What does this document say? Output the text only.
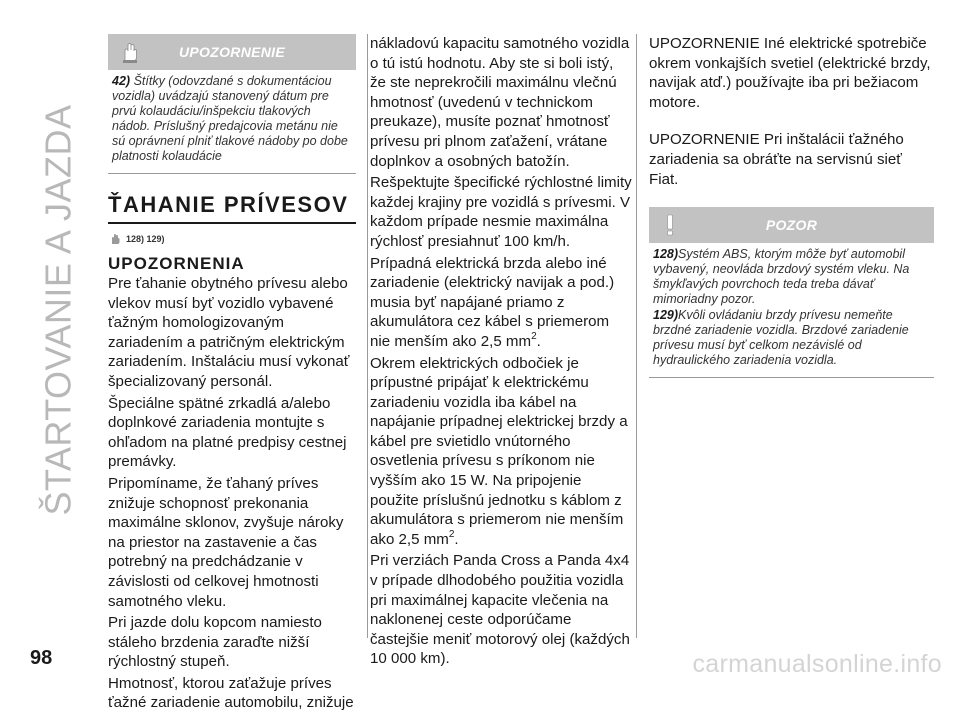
ŠTARTOVANIE A JAZDA
UPOZORNENIE

42) Štítky (odovzdané s dokumentáciou vozidla) uvádzajú stanovený dátum pre prvú kolaudáciu/inšpekciu tlakových nádob. Príslušný predajcovia metánu nie sú oprávnení plniť tlakové nádoby po dobe platnosti kolaudácie

ŤAHANIE PRÍVESOV
128) 129)
UPOZORNENIA

Pre ťahanie obytného prívesu alebo vlekov musí byť vozidlo vybavené ťažným homologizovaným zariadením a patričným elektrickým zariadením. Inštaláciu musí vykonať špecializovaný personál.

Špeciálne spätné zrkadlá a/alebo doplnkové zariadenia montujte s ohľadom na platné predpisy cestnej premávky.

Pripomíname, že ťahaný príves znižuje schopnosť prekonania maximálne sklonov, zvyšuje nároky na priestor na zastavenie a čas potrebný na predchádzanie v závislosti od celkovej hmotnosti samotného vleku.

Pri jazde dolu kopcom namiesto stáleho brzdenia zaraďte nižší rýchlostný stupeň.

Hmotnosť, ktorou zaťažuje príves ťažné zariadenie automobilu, znižuje

nákladovú kapacitu samotného vozidla o tú istú hodnotu. Aby ste si boli istý, že ste neprekročili maximálnu vlečnú hmotnosť (uvedenú v technickom preukaze), musíte poznať hmotnosť prívesu pri plnom zaťažení, vrátane doplnkov a osobných batožín.

Rešpektujte špecifické rýchlostné limity každej krajiny pre vozidlá s prívesmi. V každom prípade nesmie maximálna rýchlosť presiahnuť 100 km/h.

Prípadná elektrická brzda alebo iné zariadenie (elektrický navijak a pod.) musia byť napájané priamo z akumulátora cez kábel s priemerom nie menším ako 2,5 $mm^2$.

Okrem elektrických odbočiek je prípustné pripájať k elektrickému zariadeniu vozidla iba kábel na napájanie prípadnej elektrickej brzdy a kábel pre svietidlo vnútorného osvetlenia prívesu s príkonom nie vyšším ako 15 W. Na pripojenie použite príslušnú jednotku s káblom z akumulátora s priemerom nie menším ako 2,5 $mm^2$.

Pri verziách Panda Cross a Panda 4x4 v prípade dlhodobého použitia vozidla pri maximálnej kapacite vlečenia na naklonenej ceste odporúčame častejšie meniť motorový olej (každých 10 000 km).

UPOZORNENIE Iné elektrické spotrebiče okrem vonkajších svetiel (elektrické brzdy, navijak atď.) používajte iba pri bežiacom motore.

UPOZORNENIE Pri inštalácii ťažného zariadenia sa obráťte na servisnú sieť Fiat.

POZOR

128)Systém ABS, ktorým môže byť automobil vybavený, neovláda brzdový systém vleku. Na šmykľavých povrchoch teda treba dávať mimoriadny pozor.

129)Kvôli ovládaniu brzdy prívesu nemeňte brzdné zariadenie vozidla. Brzdové zariadenie prívesu musí byť celkom nezávislé od hydraulického zariadenia vozidla.

98	carmanualsonline.info
